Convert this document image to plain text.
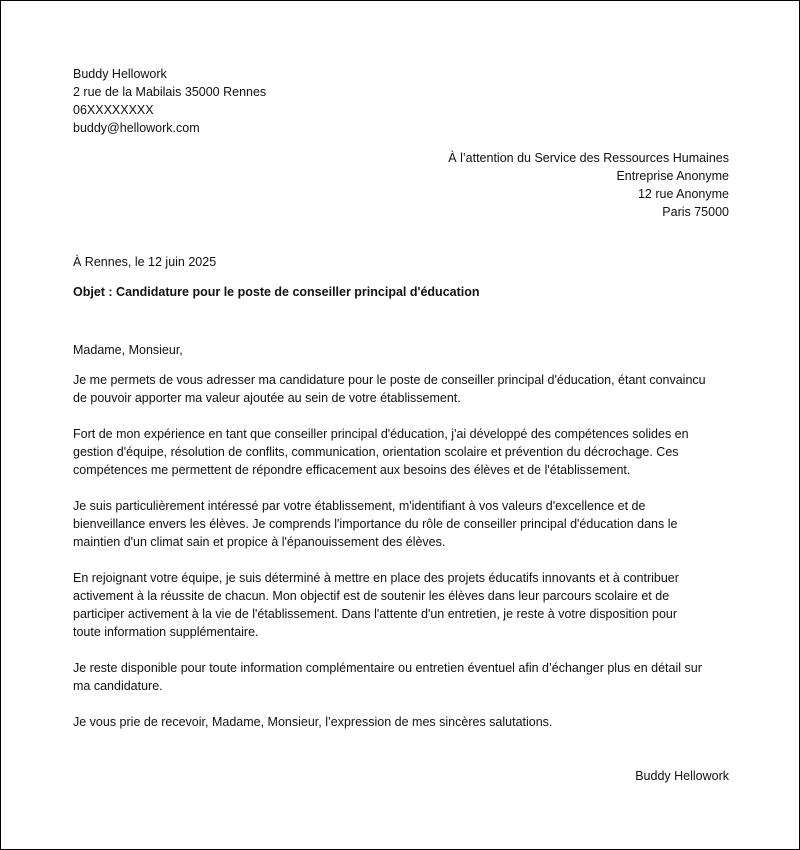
Buddy Hellowork
2 rue de la Mabilais 35000 Rennes
06XXXXXXXX
buddy@hellowork.com
À l’attention du Service des Ressources Humaines
Entreprise Anonyme
12 rue Anonyme
Paris 75000
À Rennes, le 12 juin 2025
Objet : Candidature pour le poste de conseiller principal d'éducation
Madame, Monsieur,
Je me permets de vous adresser ma candidature pour le poste de conseiller principal d'éducation, étant convaincu
de pouvoir apporter ma valeur ajoutée au sein de votre établissement.
Fort de mon expérience en tant que conseiller principal d'éducation, j'ai développé des compétences solides en
gestion d'équipe, résolution de conflits, communication, orientation scolaire et prévention du décrochage. Ces
compétences me permettent de répondre efficacement aux besoins des élèves et de l'établissement.
Je suis particulièrement intéressé par votre établissement, m'identifiant à vos valeurs d'excellence et de
bienveillance envers les élèves. Je comprends l'importance du rôle de conseiller principal d'éducation dans le
maintien d'un climat sain et propice à l'épanouissement des élèves.
En rejoignant votre équipe, je suis déterminé à mettre en place des projets éducatifs innovants et à contribuer
activement à la réussite de chacun. Mon objectif est de soutenir les élèves dans leur parcours scolaire et de
participer activement à la vie de l'établissement. Dans l'attente d'un entretien, je reste à votre disposition pour
toute information supplémentaire.
Je reste disponible pour toute information complémentaire ou entretien éventuel afin d’échanger plus en détail sur
ma candidature.
Je vous prie de recevoir, Madame, Monsieur, l’expression de mes sincères salutations.
Buddy Hellowork
